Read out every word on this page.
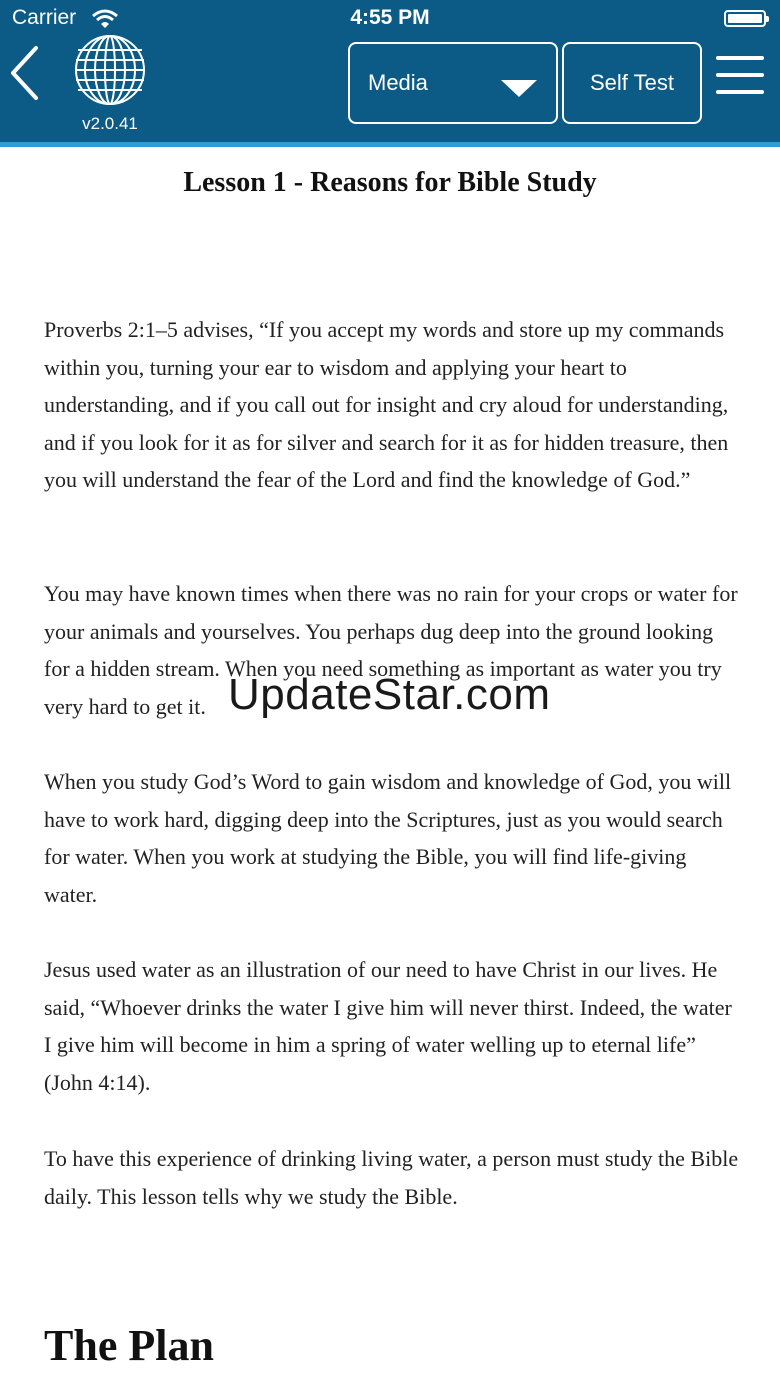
Carrier	4:55 PM
v2.0.41
Media	Self Test
Lesson 1 - Reasons for Bible Study

Proverbs 2:1–5 advises, “If you accept my words and store up my commands within you, turning your ear to wisdom and applying your heart to understanding, and if you call out for insight and cry aloud for understanding, and if you look for it as for silver and search for it as for hidden treasure, then you will understand the fear of the Lord and find the knowledge of God.”

You may have known times when there was no rain for your crops or water for your animals and yourselves. You perhaps dug deep into the ground looking for a hidden stream. When you need something as important as water you try very hard to get it.

When you study God’s Word to gain wisdom and knowledge of God, you will have to work hard, digging deep into the Scriptures, just as you would search for water. When you work at studying the Bible, you will find life-giving water.

Jesus used water as an illustration of our need to have Christ in our lives. He said, “Whoever drinks the water I give him will never thirst. Indeed, the water I give him will become in him a spring of water welling up to eternal life” (John 4:14).

To have this experience of drinking living water, a person must study the Bible daily. This lesson tells why we study the Bible.

UpdateStar.com
The Plan
